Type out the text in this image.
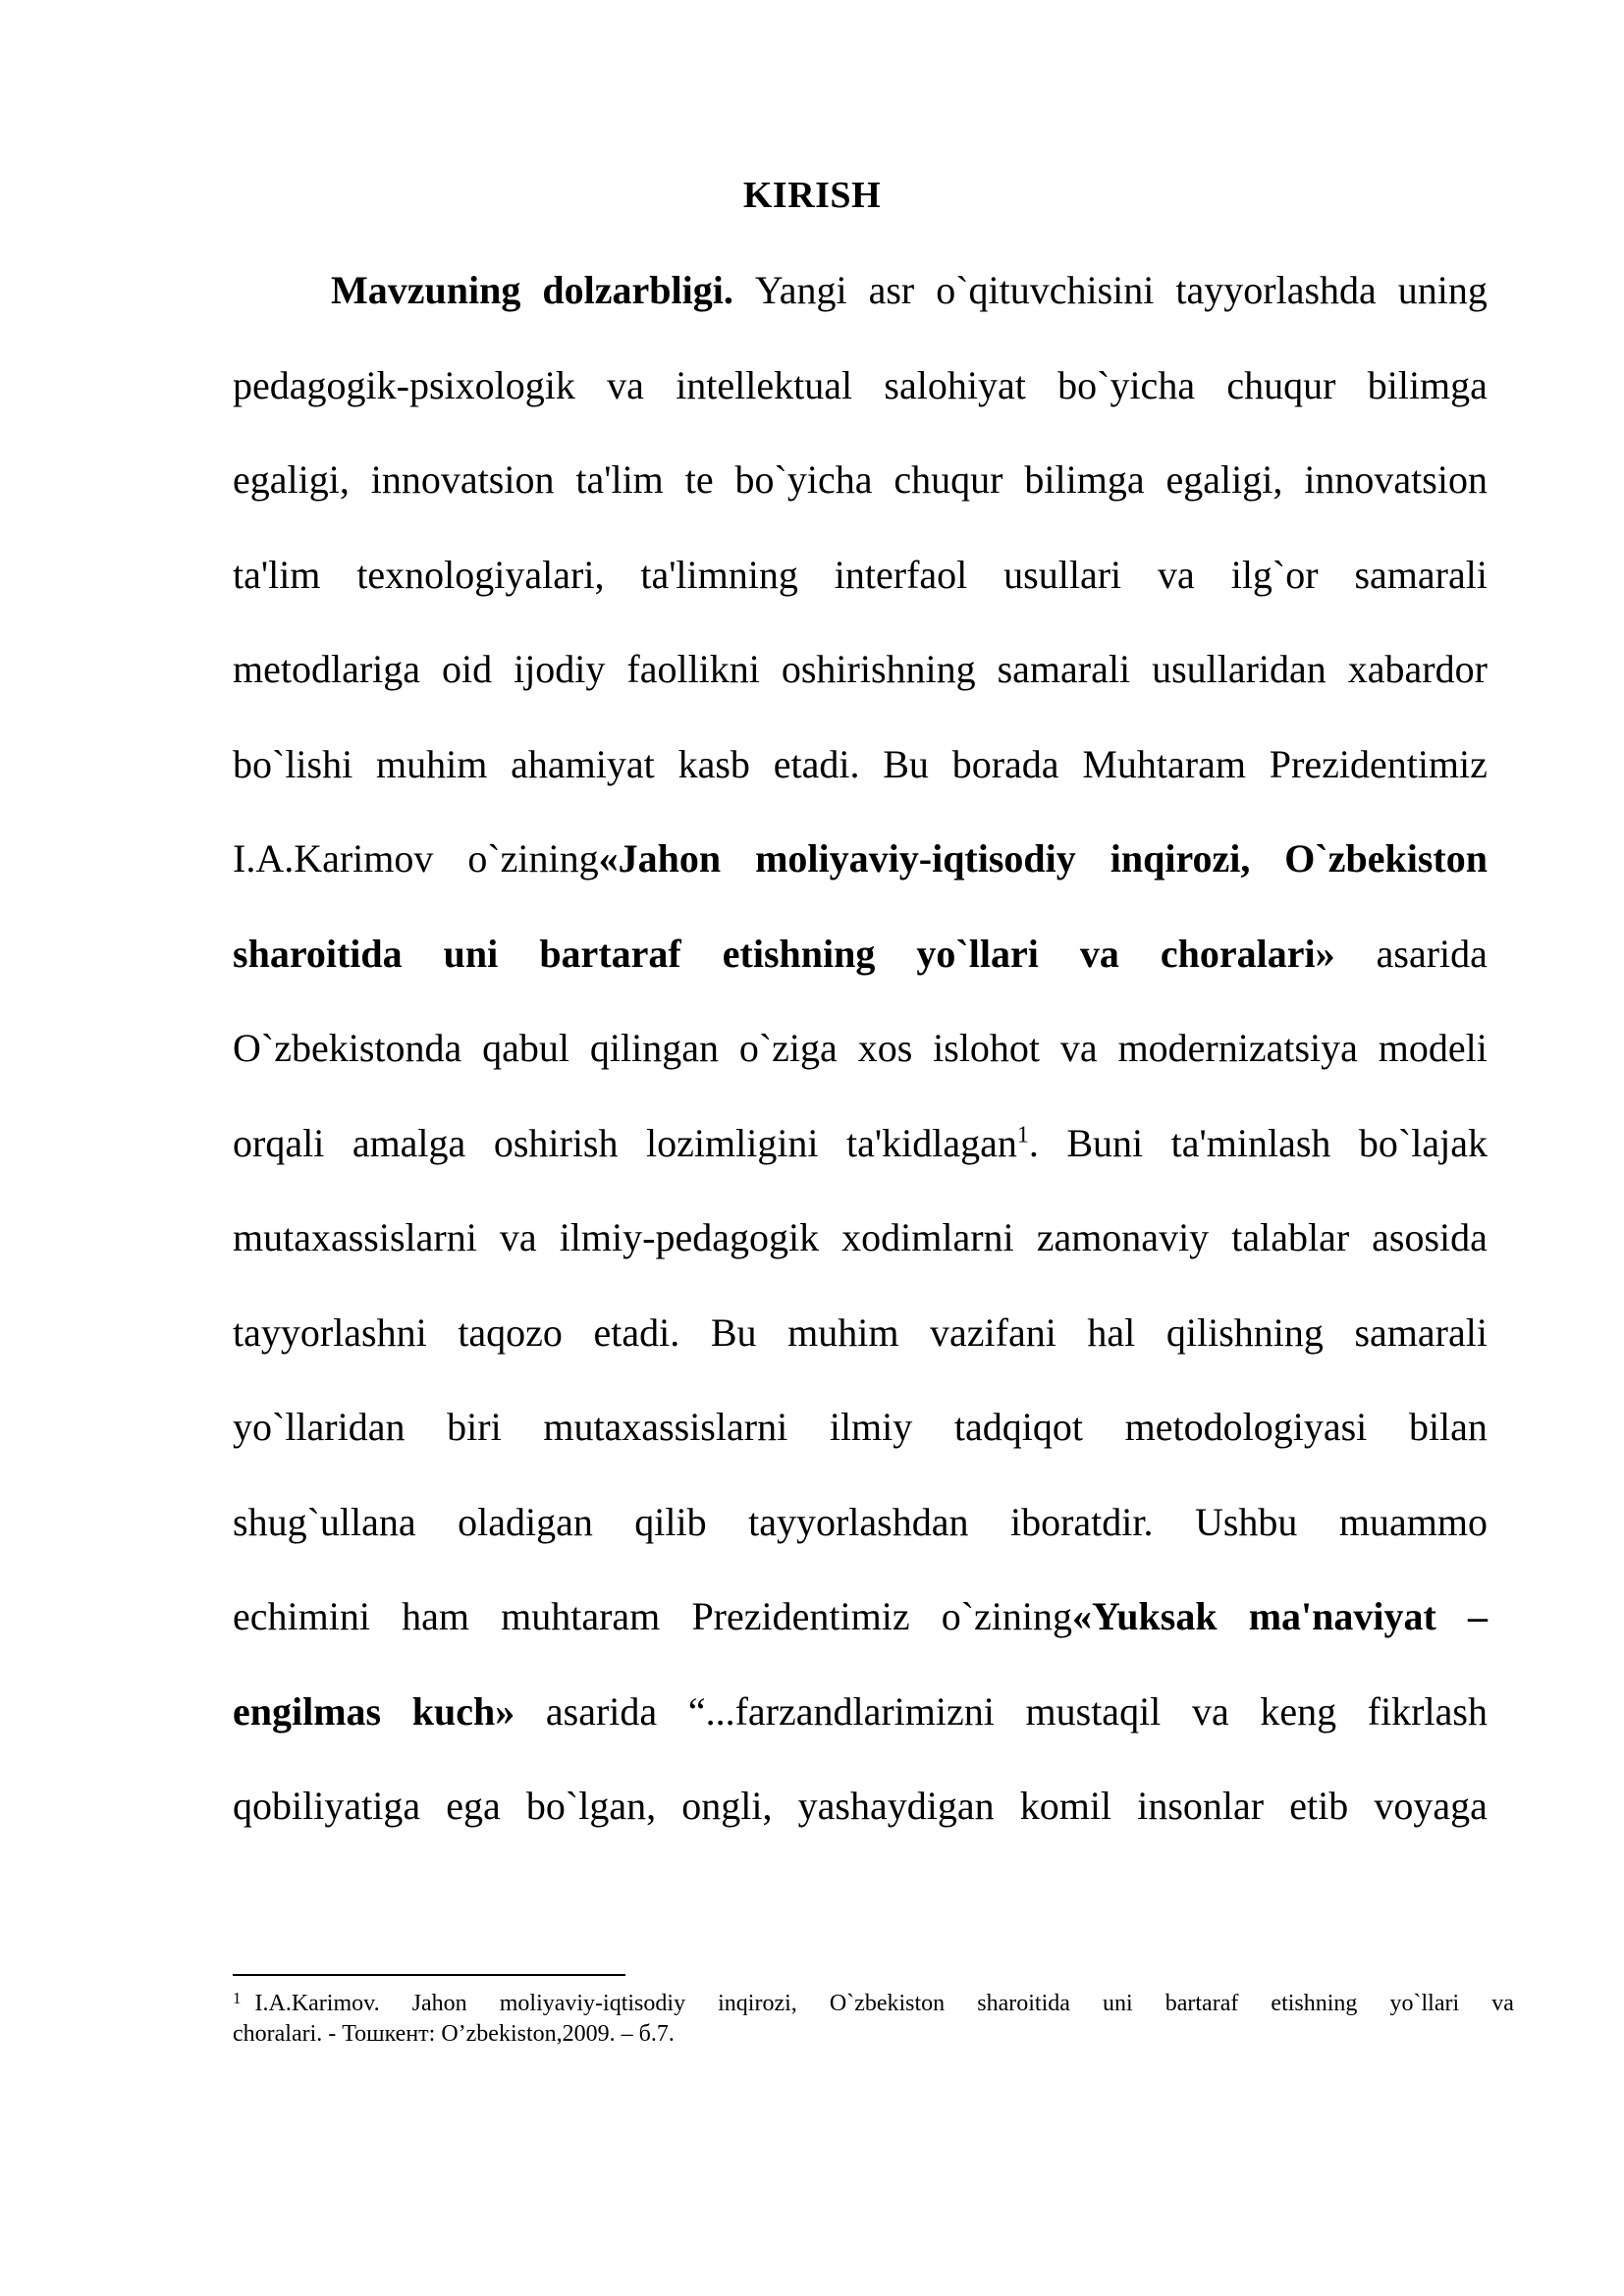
KIRISH
Mavzuning dolzarbligi. Yangi asr o`qituvchisini tayyorlashda uning
pedagogik-psixologik va intellektual salohiyat bo`yicha chuqur bilimga
egaligi, innovatsion ta'lim te bo`yicha chuqur bilimga egaligi, innovatsion
ta'lim texnologiyalari, ta'limning interfaol usullari va ilg`or samarali
metodlariga oid ijodiy faollikni oshirishning samarali usullaridan xabardor
bo`lishi muhim ahamiyat kasb etadi. Bu borada Muhtaram Prezidentimiz
I.A.Karimov o`zining«Jahon moliyaviy-iqtisodiy inqirozi, O`zbekiston
sharoitida uni bartaraf etishning yo`llari va choralari» asarida
O`zbekistonda qabul qilingan o`ziga xos islohot va modernizatsiya modeli
orqali amalga oshirish lozimligini ta'kidlagan$^1$. Buni ta'minlash bo`lajak
mutaxassislarni va ilmiy-pedagogik xodimlarni zamonaviy talablar asosida
tayyorlashni taqozo etadi. Bu muhim vazifani hal qilishning samarali
yo`llaridan biri mutaxassislarni ilmiy tadqiqot metodologiyasi bilan
shug`ullana oladigan qilib tayyorlashdan iboratdir. Ushbu muammo
echimini ham muhtaram Prezidentimiz o`zining«Yuksak ma'naviyat –
engilmas kuch» asarida “...farzandlarimizni mustaqil va keng fikrlash
qobiliyatiga ega bo`lgan, ongli, yashaydigan komil insonlar etib voyaga
$^1$ I.A.Karimov. Jahon moliyaviy-iqtisodiy inqirozi, O`zbekiston sharoitida uni bartaraf etishning yo`llari va
choralari. - Тошкент: O’zbekiston,2009. – б.7.
